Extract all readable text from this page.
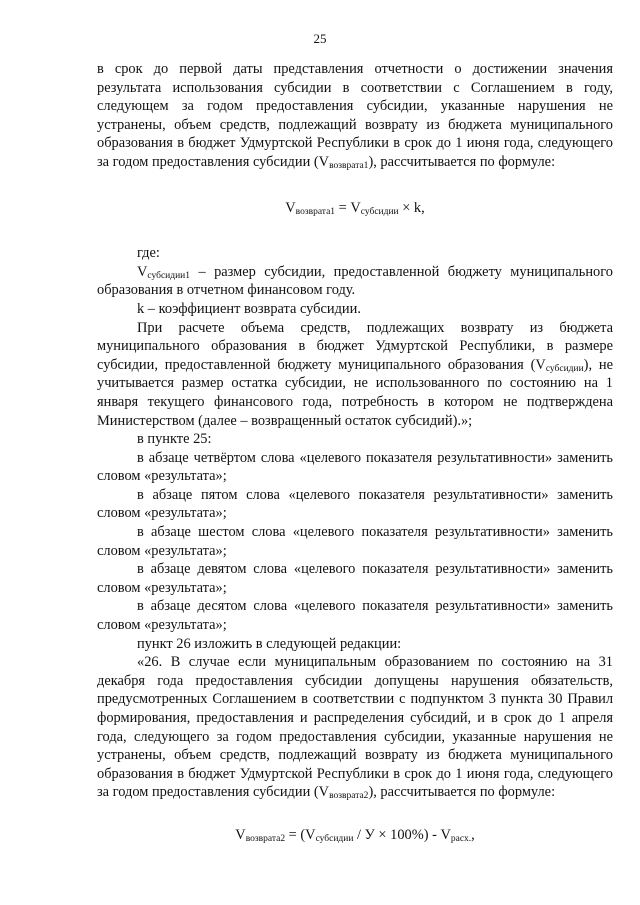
25

в срок до первой даты представления отчетности о достижении значения результата использования субсидии в соответствии с Соглашением в году, следующем за годом предоставления субсидии, указанные нарушения не устранены, объем средств, подлежащий возврату из бюджета муниципального образования в бюджет Удмуртской Республики в срок до 1 июня года, следующего за годом предоставления субсидии $(V_{возврата1})$, рассчитывается по формуле:

$V_{возврата1} = V_{субсидии} \times k$,

где:

$V_{субсидии1}$ – размер субсидии, предоставленной бюджету муниципального образования в отчетном финансовом году.

k – коэффициент возврата субсидии.

При расчете объема средств, подлежащих возврату из бюджета муниципального образования в бюджет Удмуртской Республики, в размере субсидии, предоставленной бюджету муниципального образования $(V_{субсидии})$, не учитывается размер остатка субсидии, не использованного по состоянию на 1 января текущего финансового года, потребность в котором не подтверждена Министерством (далее – возвращенный остаток субсидий).»;

в пункте 25:

в абзаце четвёртом слова «целевого показателя результативности» заменить словом «результата»;

в абзаце пятом слова «целевого показателя результативности» заменить словом «результата»;

в абзаце шестом слова «целевого показателя результативности» заменить словом «результата»;

в абзаце девятом слова «целевого показателя результативности» заменить словом «результата»;

в абзаце десятом слова «целевого показателя результативности» заменить словом «результата»;

пункт 26 изложить в следующей редакции:

«26. В случае если муниципальным образованием по состоянию на 31 декабря года предоставления субсидии допущены нарушения обязательств, предусмотренных Соглашением в соответствии с подпунктом 3 пункта 30 Правил формирования, предоставления и распределения субсидий, и в срок до 1 апреля года, следующего за годом предоставления субсидии, указанные нарушения не устранены, объем средств, подлежащий возврату из бюджета муниципального образования в бюджет Удмуртской Республики в срок до 1 июня года, следующего за годом предоставления субсидии $(V_{возврата2})$, рассчитывается по формуле:

$V_{возврата2} = (V_{субсидии} / У \times 100\%) - V_{расх.}$,
